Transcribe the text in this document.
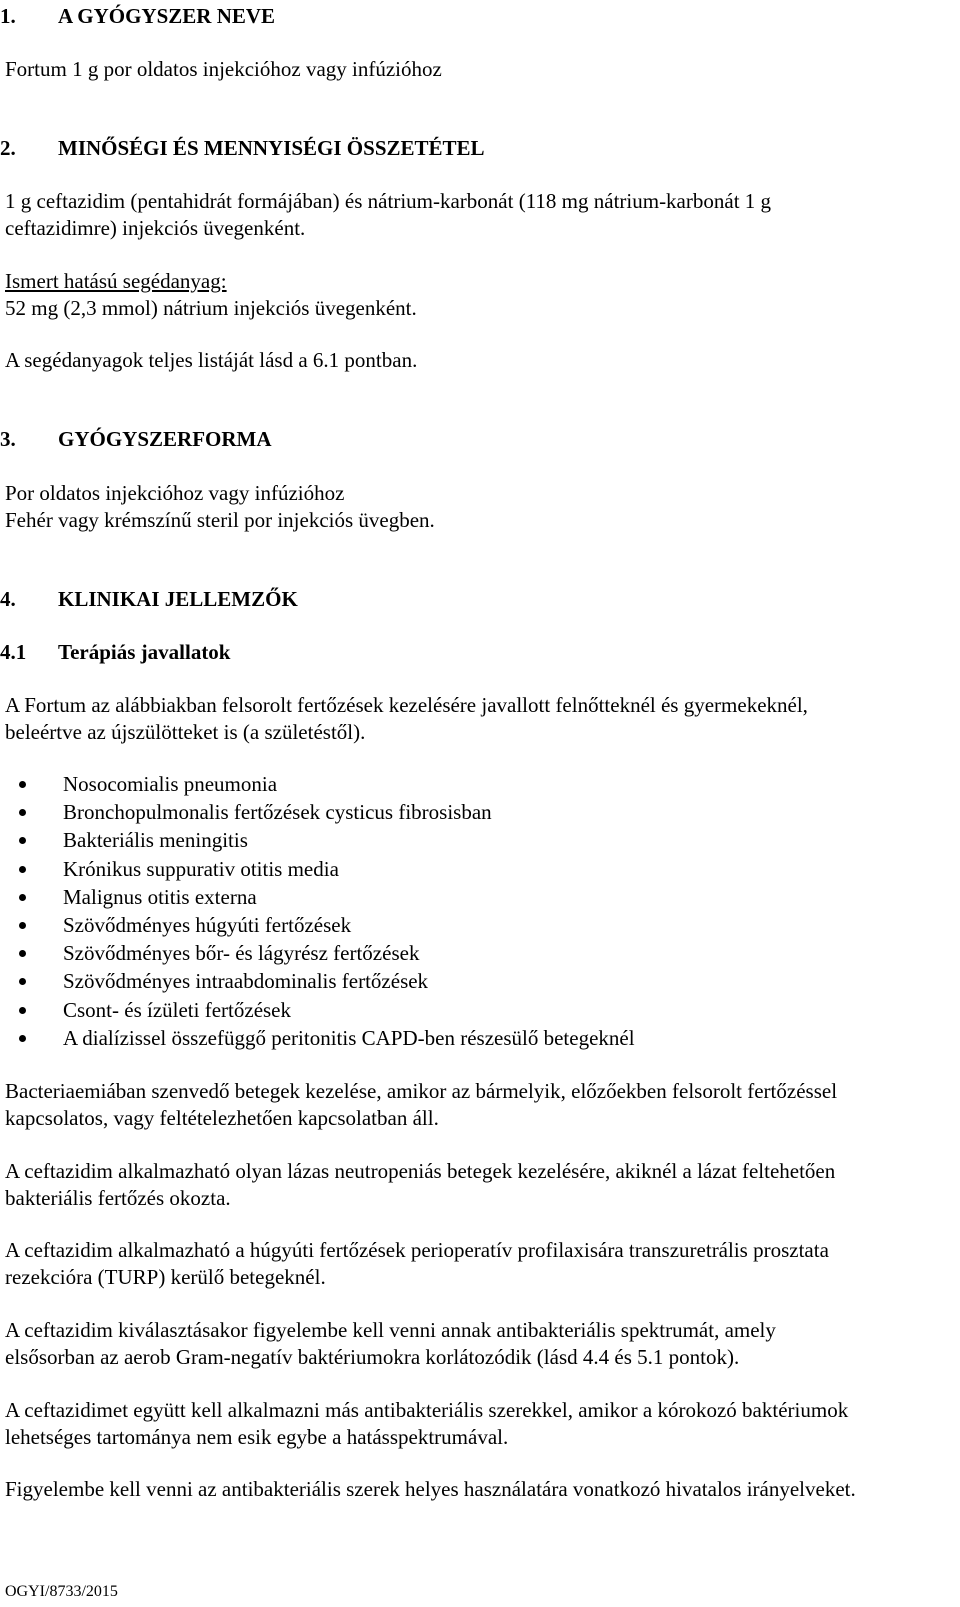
1. A GYÓGYSZER NEVE
Fortum 1 g por oldatos injekcióhoz vagy infúzióhoz
2. MINŐSÉGI ÉS MENNYISÉGI ÖSSZETÉTEL
1 g ceftazidim (pentahidrát formájában) és nátrium-karbonát (118 mg nátrium-karbonát 1 g
ceftazidimre) injekciós üvegenként.
Ismert hatású segédanyag:
52 mg (2,3 mmol) nátrium injekciós üvegenként.
A segédanyagok teljes listáját lásd a 6.1 pontban.
3. GYÓGYSZERFORMA
Por oldatos injekcióhoz vagy infúzióhoz
Fehér vagy krémszínű steril por injekciós üvegben.
4. KLINIKAI JELLEMZŐK
4.1 Terápiás javallatok
A Fortum az alábbiakban felsorolt fertőzések kezelésére javallott felnőtteknél és gyermekeknél,
beleértve az újszülötteket is (a születéstől).
Nosocomialis pneumonia
Bronchopulmonalis fertőzések cysticus fibrosisban
Bakteriális meningitis
Krónikus suppurativ otitis media
Malignus otitis externa
Szövődményes húgyúti fertőzések
Szövődményes bőr- és lágyrész fertőzések
Szövődményes intraabdominalis fertőzések
Csont- és ízületi fertőzések
A dialízissel összefüggő peritonitis CAPD-ben részesülő betegeknél
Bacteriaemiában szenvedő betegek kezelése, amikor az bármelyik, előzőekben felsorolt fertőzéssel
kapcsolatos, vagy feltételezhetően kapcsolatban áll.
A ceftazidim alkalmazható olyan lázas neutropeniás betegek kezelésére, akiknél a lázat feltehetően
bakteriális fertőzés okozta.
A ceftazidim alkalmazható a húgyúti fertőzések perioperatív profilaxisára transzuretrális prosztata
rezekcióra (TURP) kerülő betegeknél.
A ceftazidim kiválasztásakor figyelembe kell venni annak antibakteriális spektrumát, amely
elsősorban az aerob Gram-negatív baktériumokra korlátozódik (lásd 4.4 és 5.1 pontok).
A ceftazidimet együtt kell alkalmazni más antibakteriális szerekkel, amikor a kórokozó baktériumok
lehetséges tartománya nem esik egybe a hatásspektrumával.
Figyelembe kell venni az antibakteriális szerek helyes használatára vonatkozó hivatalos irányelveket.
OGYI/8733/2015
